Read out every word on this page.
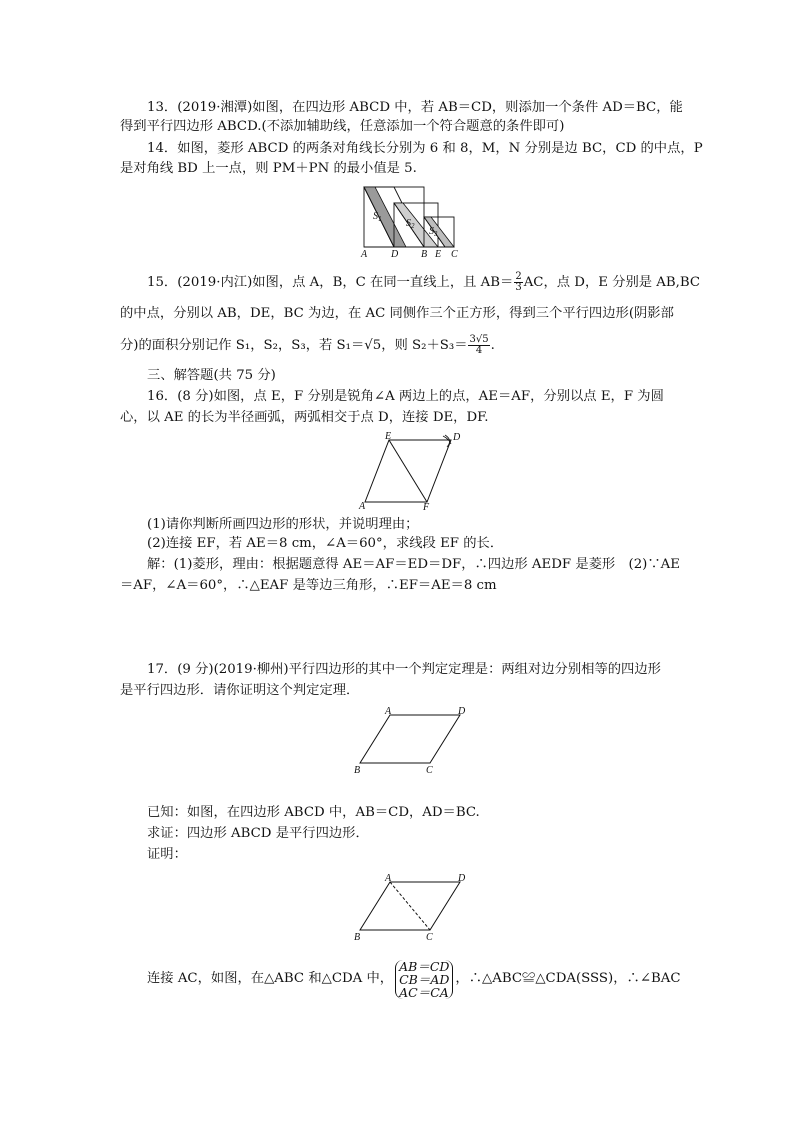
13．(2019·湘潭)如图，在四边形 ABCD 中，若 AB＝CD，则添加一个条件 AD＝BC，能
得到平行四边形 ABCD.(不添加辅助线，任意添加一个符合题意的条件即可)
14．如图，菱形 ABCD 的两条对角线长分别为 6 和 8，M，N 分别是边 BC，CD 的中点，P
是对角线 BD 上一点，则 PM＋PN 的最小值是 5.
$S_1$ $S_2$ $S_3$
A D B E C
15．(2019·内江)如图，点 A，B，C 在同一直线上，且 $AB= \frac{2}{3}$ AC，点 D，E 分别是 AB,BC
的中点，分别以 AB，DE，BC 为边，在 AC 同侧作三个正方形，得到三个平行四边形(阴影部
分)的面积分别记作 S₁，S₂，S₃，若 S₁＝√5，则 $S_2+S_3= \frac{3√5}{4}$ .
三、解答题(共 75 分)
16．(8 分)如图，点 E，F 分别是锐角∠A 两边上的点，AE＝AF，分别以点 E，F 为圆
心，以 AE 的长为半径画弧，两弧相交于点 D，连接 DE，DF.
E	D
A	F
(1)请你判断所画四边形的形状，并说明理由；
(2)连接 EF，若 AE＝8 cm，∠A＝60°，求线段 EF 的长．
解：(1)菱形，理由：根据题意得 AE＝AF＝ED＝DF，∴四边形 AEDF 是菱形　(2)∵AE
＝AF，∠A＝60°，∴△EAF 是等边三角形，∴EF＝AE＝8 cm
17．(9 分)(2019·柳州)平行四边形的其中一个判定定理是：两组对边分别相等的四边形
是平行四边形．请你证明这个判定定理．
A	D
B	C
已知：如图，在四边形 ABCD 中，AB＝CD，AD＝BC.
求证：四边形 ABCD 是平行四边形．
证明：
A	D
B	C
连接 AC，如图，在△ABC 和△CDA 中，
AB＝CD
CB＝AD
AC＝CA
，∴△ABC≌△CDA(SSS)，∴∠BAC
